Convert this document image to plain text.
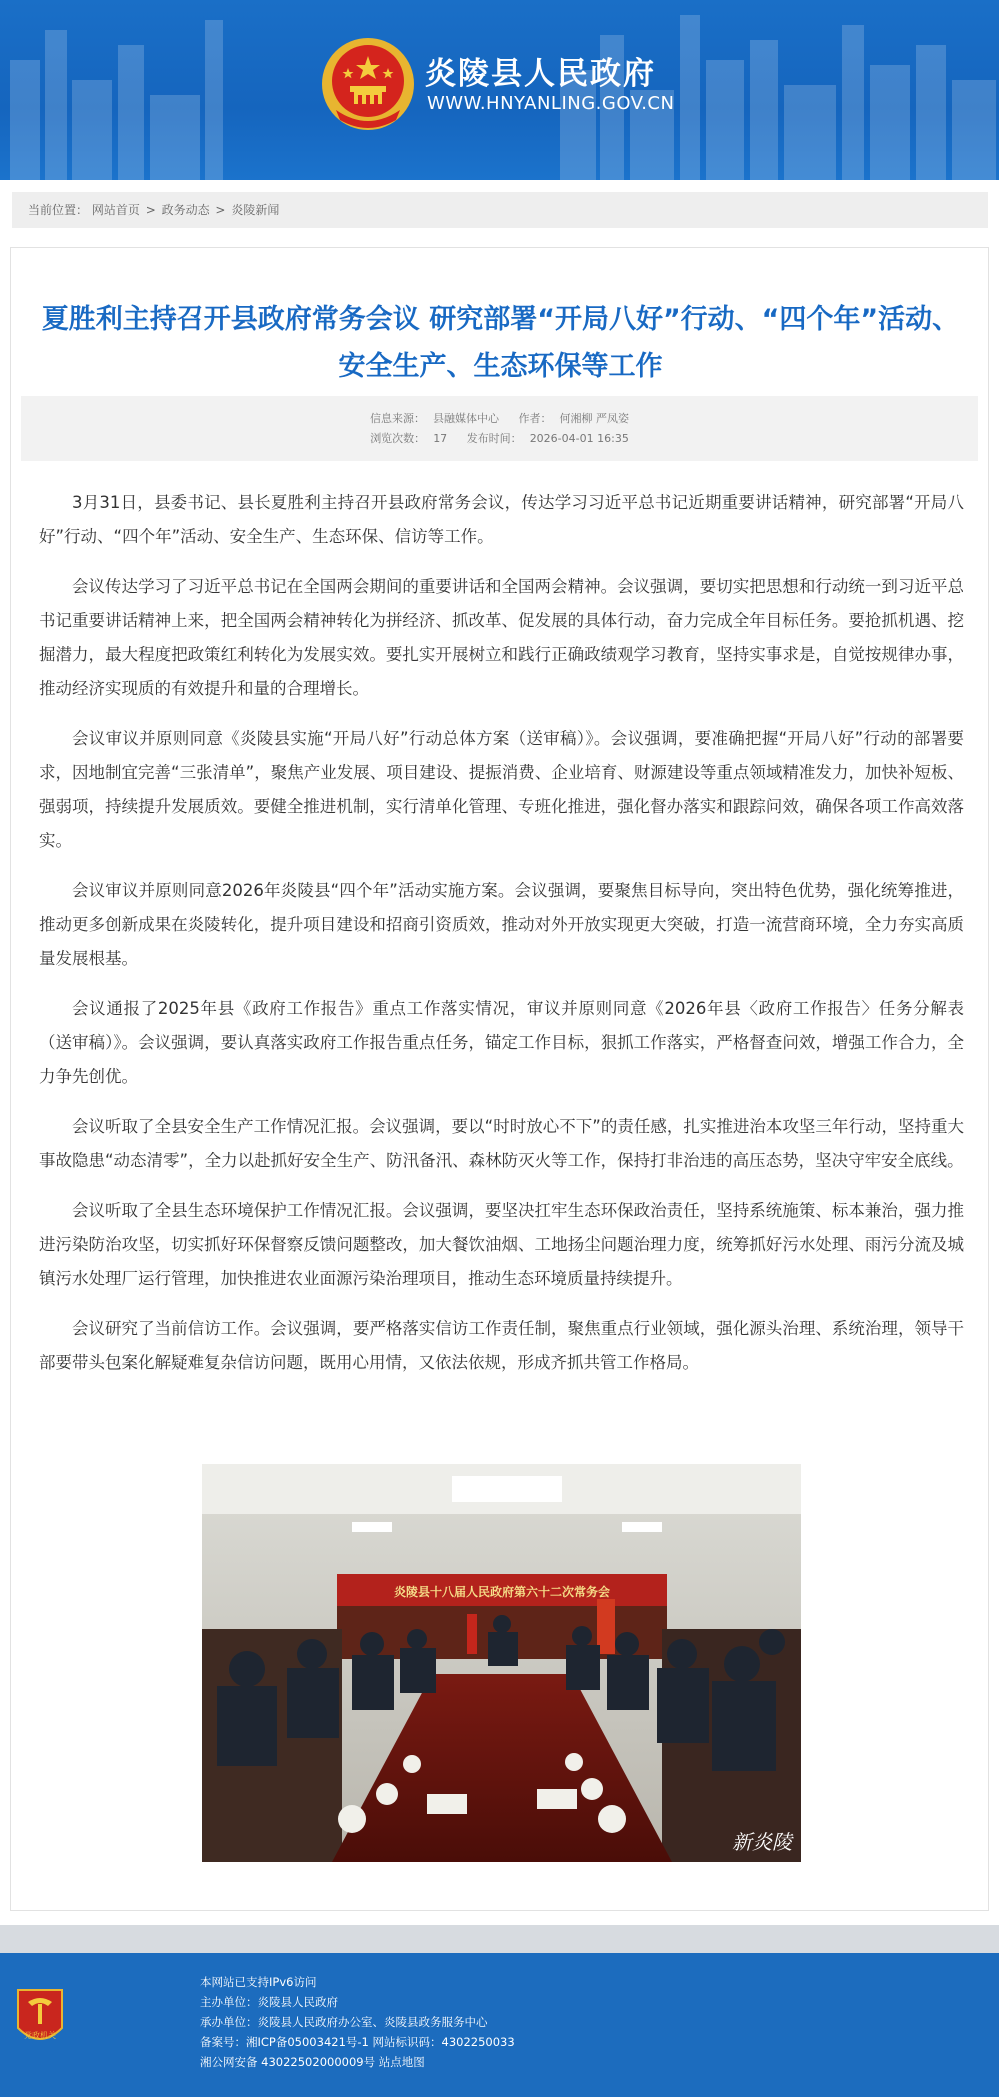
炎陵县人民政府
WWW.HNYANLING.GOV.CN
当前位置： 网站首页 > 政务动态 > 炎陵新闻
夏胜利主持召开县政府常务会议 研究部署“开局八好”行动、“四个年”活动、安全生产、生态环保等工作
信息来源： 县融媒体中心 作者： 何湘柳 严凤姿
浏览次数： 17 发布时间： 2026-04-01 16:35

3月31日，县委书记、县长夏胜利主持召开县政府常务会议，传达学习习近平总书记近期重要讲话精神，研究部署“开局八好”行动、“四个年”活动、安全生产、生态环保、信访等工作。

会议传达学习了习近平总书记在全国两会期间的重要讲话和全国两会精神。会议强调，要切实把思想和行动统一到习近平总书记重要讲话精神上来，把全国两会精神转化为拼经济、抓改革、促发展的具体行动，奋力完成全年目标任务。要抢抓机遇、挖掘潜力，最大程度把政策红利转化为发展实效。要扎实开展树立和践行正确政绩观学习教育，坚持实事求是，自觉按规律办事，推动经济实现质的有效提升和量的合理增长。

会议审议并原则同意《炎陵县实施“开局八好”行动总体方案（送审稿）》。会议强调，要准确把握“开局八好”行动的部署要求，因地制宜完善“三张清单”，聚焦产业发展、项目建设、提振消费、企业培育、财源建设等重点领域精准发力，加快补短板、强弱项，持续提升发展质效。要健全推进机制，实行清单化管理、专班化推进，强化督办落实和跟踪问效，确保各项工作高效落实。

会议审议并原则同意2026年炎陵县“四个年”活动实施方案。会议强调，要聚焦目标导向，突出特色优势，强化统筹推进，推动更多创新成果在炎陵转化，提升项目建设和招商引资质效，推动对外开放实现更大突破，打造一流营商环境，全力夯实高质量发展根基。

会议通报了2025年县《政府工作报告》重点工作落实情况，审议并原则同意《2026年县〈政府工作报告〉任务分解表（送审稿）》。会议强调，要认真落实政府工作报告重点任务，锚定工作目标，狠抓工作落实，严格督查问效，增强工作合力，全力争先创优。

会议听取了全县安全生产工作情况汇报。会议强调，要以“时时放心不下”的责任感，扎实推进治本攻坚三年行动，坚持重大事故隐患“动态清零”，全力以赴抓好安全生产、防汛备汛、森林防灭火等工作，保持打非治违的高压态势，坚决守牢安全底线。

会议听取了全县生态环境保护工作情况汇报。会议强调，要坚决扛牢生态环保政治责任，坚持系统施策、标本兼治，强力推进污染防治攻坚，切实抓好环保督察反馈问题整改，加大餐饮油烟、工地扬尘问题治理力度，统筹抓好污水处理、雨污分流及城镇污水处理厂运行管理，加快推进农业面源污染治理项目，推动生态环境质量持续提升。

会议研究了当前信访工作。会议强调，要严格落实信访工作责任制，聚焦重点行业领域，强化源头治理、系统治理，领导干部要带头包案化解疑难复杂信访问题，既用心用情，又依法依规，形成齐抓共管工作格局。

炎陵县十八届人民政府第六十二次常务会
新炎陵
党政机关
本网站已支持IPv6访问
主办单位：炎陵县人民政府
承办单位：炎陵县人民政府办公室、炎陵县政务服务中心
备案号：湘ICP备05003421号-1 网站标识码：4302250033
湘公网安备 43022502000009号 站点地图
